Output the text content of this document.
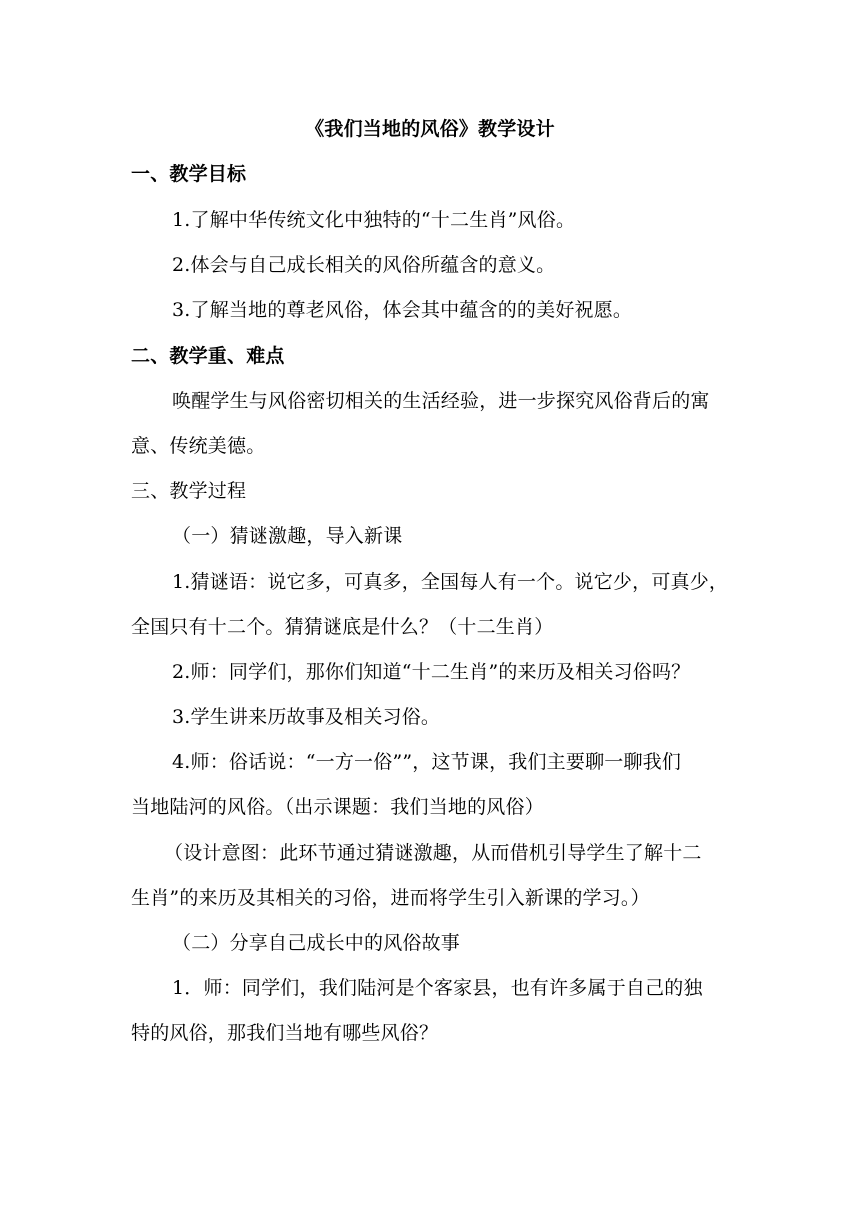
《我们当地的风俗》教学设计
一、教学目标
1.了解中华传统文化中独特的“十二生肖”风俗。
2.体会与自己成长相关的风俗所蕴含的意义。
3.了解当地的尊老风俗，体会其中蕴含的的美好祝愿。
二、教学重、难点
唤醒学生与风俗密切相关的生活经验，进一步探究风俗背后的寓
意、传统美德。
三、教学过程
（一）猜谜激趣，导入新课
1.猜谜语：说它多，可真多，全国每人有一个。说它少，可真少，
全国只有十二个。猜猜谜底是什么？（十二生肖）
2.师：同学们，那你们知道“十二生肖”的来历及相关习俗吗？
3.学生讲来历故事及相关习俗。
4.师：俗话说：“一方一俗””，这节课，我们主要聊一聊我们
当地陆河的风俗。（出示课题：我们当地的风俗）
（设计意图：此环节通过猜谜激趣，从而借机引导学生了解十二
生肖”的来历及其相关的习俗，进而将学生引入新课的学习。）
（二）分享自己成长中的风俗故事
1．师：同学们，我们陆河是个客家县，也有许多属于自己的独
特的风俗，那我们当地有哪些风俗？
